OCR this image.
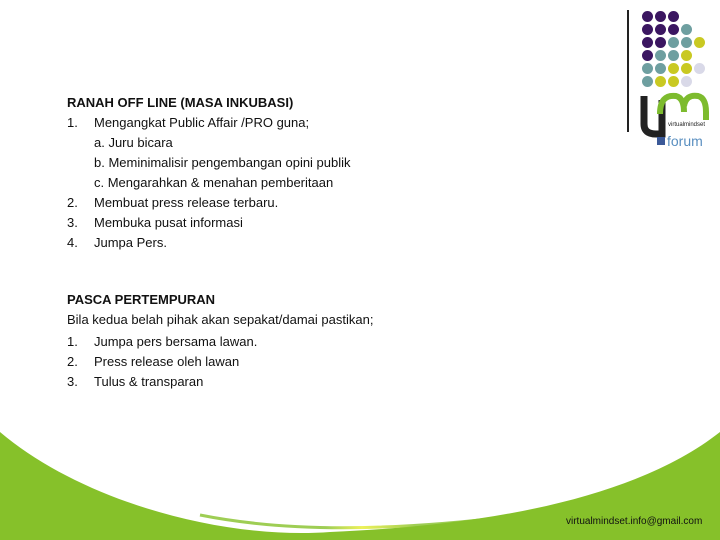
virtualmindset
forum
RANAH OFF LINE (MASA INKUBASI)
1. Mengangkat Public Affair /PRO guna;
a. Juru bicara
b. Meminimalisir pengembangan opini publik
c. Mengarahkan & menahan pemberitaan
2. Membuat press release terbaru.
3. Membuka pusat informasi
4. Jumpa Pers.
PASCA PERTEMPURAN
Bila kedua belah pihak akan sepakat/damai pastikan;
1. Jumpa pers bersama lawan.
2. Press release oleh lawan
3. Tulus & transparan
virtualmindset.info@gmail.com
